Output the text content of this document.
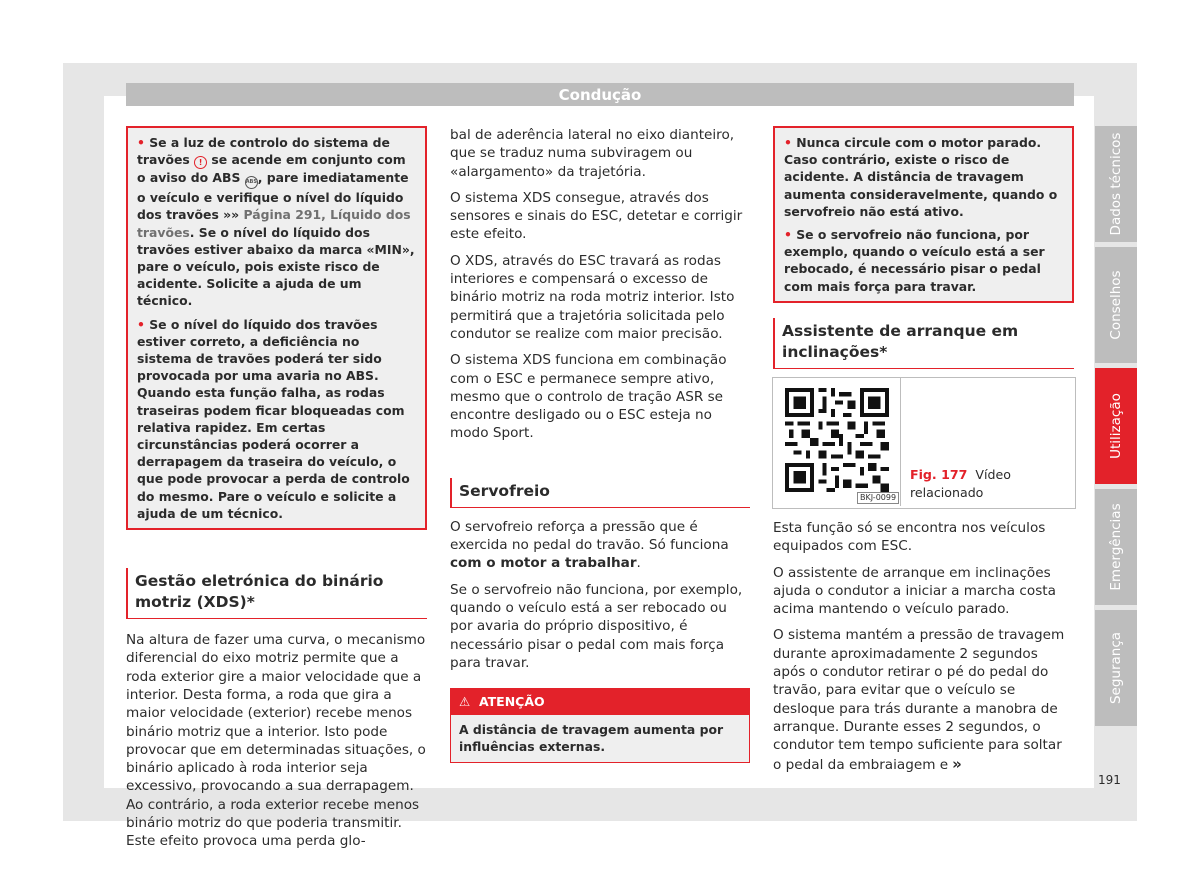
Condução
• Se a luz de controlo do sistema de travões ! se acende em conjunto com o aviso do ABS ABS, pare imediatamente o veículo e verifique o nível do líquido dos travões »» Página 291, Líquido dos travões. Se o nível do líquido dos travões estiver abaixo da marca «MIN», pare o veículo, pois existe risco de acidente. Solicite a ajuda de um técnico.
• Se o nível do líquido dos travões estiver correto, a deficiência no sistema de travões poderá ter sido provocada por uma avaria no ABS. Quando esta função falha, as rodas traseiras podem ficar bloqueadas com relativa rapidez. Em certas circunstâncias poderá ocorrer a derrapagem da traseira do veículo, o que pode provocar a perda de controlo do mesmo. Pare o veículo e solicite a ajuda de um técnico.
Gestão eletrónica do binário motriz (XDS)*

Na altura de fazer uma curva, o mecanismo diferencial do eixo motriz permite que a roda exterior gire a maior velocidade que a interior. Desta forma, a roda que gira a maior velocidade (exterior) recebe menos binário motriz que a interior. Isto pode provocar que em determinadas situações, o binário aplicado à roda interior seja excessivo, provocando a sua derrapagem. Ao contrário, a roda exterior recebe menos binário motriz do que poderia transmitir. Este efeito provoca uma perda glo-

bal de aderência lateral no eixo dianteiro, que se traduz numa subviragem ou «alargamento» da trajetória.

O sistema XDS consegue, através dos sensores e sinais do ESC, detetar e corrigir este efeito.

O XDS, através do ESC travará as rodas interiores e compensará o excesso de binário motriz na roda motriz interior. Isto permitirá que a trajetória solicitada pelo condutor se realize com maior precisão.

O sistema XDS funciona em combinação com o ESC e permanece sempre ativo, mesmo que o controlo de tração ASR se encontre desligado ou o ESC esteja no modo Sport.

Servofreio

O servofreio reforça a pressão que é exercida no pedal do travão. Só funciona com o motor a trabalhar.

Se o servofreio não funciona, por exemplo, quando o veículo está a ser rebocado ou por avaria do próprio dispositivo, é necessário pisar o pedal com mais força para travar.

⚠ ATENÇÃO
A distância de travagem aumenta por influências externas.
• Nunca circule com o motor parado. Caso contrário, existe o risco de acidente. A distância de travagem aumenta consideravelmente, quando o servofreio não está ativo.
• Se o servofreio não funciona, por exemplo, quando o veículo está a ser rebocado, é necessário pisar o pedal com mais força para travar.
Assistente de arranque em inclinações*
BKJ-0099
Fig. 177 Vídeo relacionado

Esta função só se encontra nos veículos equipados com ESC.

O assistente de arranque em inclinações ajuda o condutor a iniciar a marcha costa acima mantendo o veículo parado.

O sistema mantém a pressão de travagem durante aproximadamente 2 segundos após o condutor retirar o pé do pedal do travão, para evitar que o veículo se desloque para trás durante a manobra de arranque. Durante esses 2 segundos, o condutor tem tempo suficiente para soltar o pedal da embraiagem e »

Dados técnicos
Conselhos
Utilização
Emergências
Segurança
191
